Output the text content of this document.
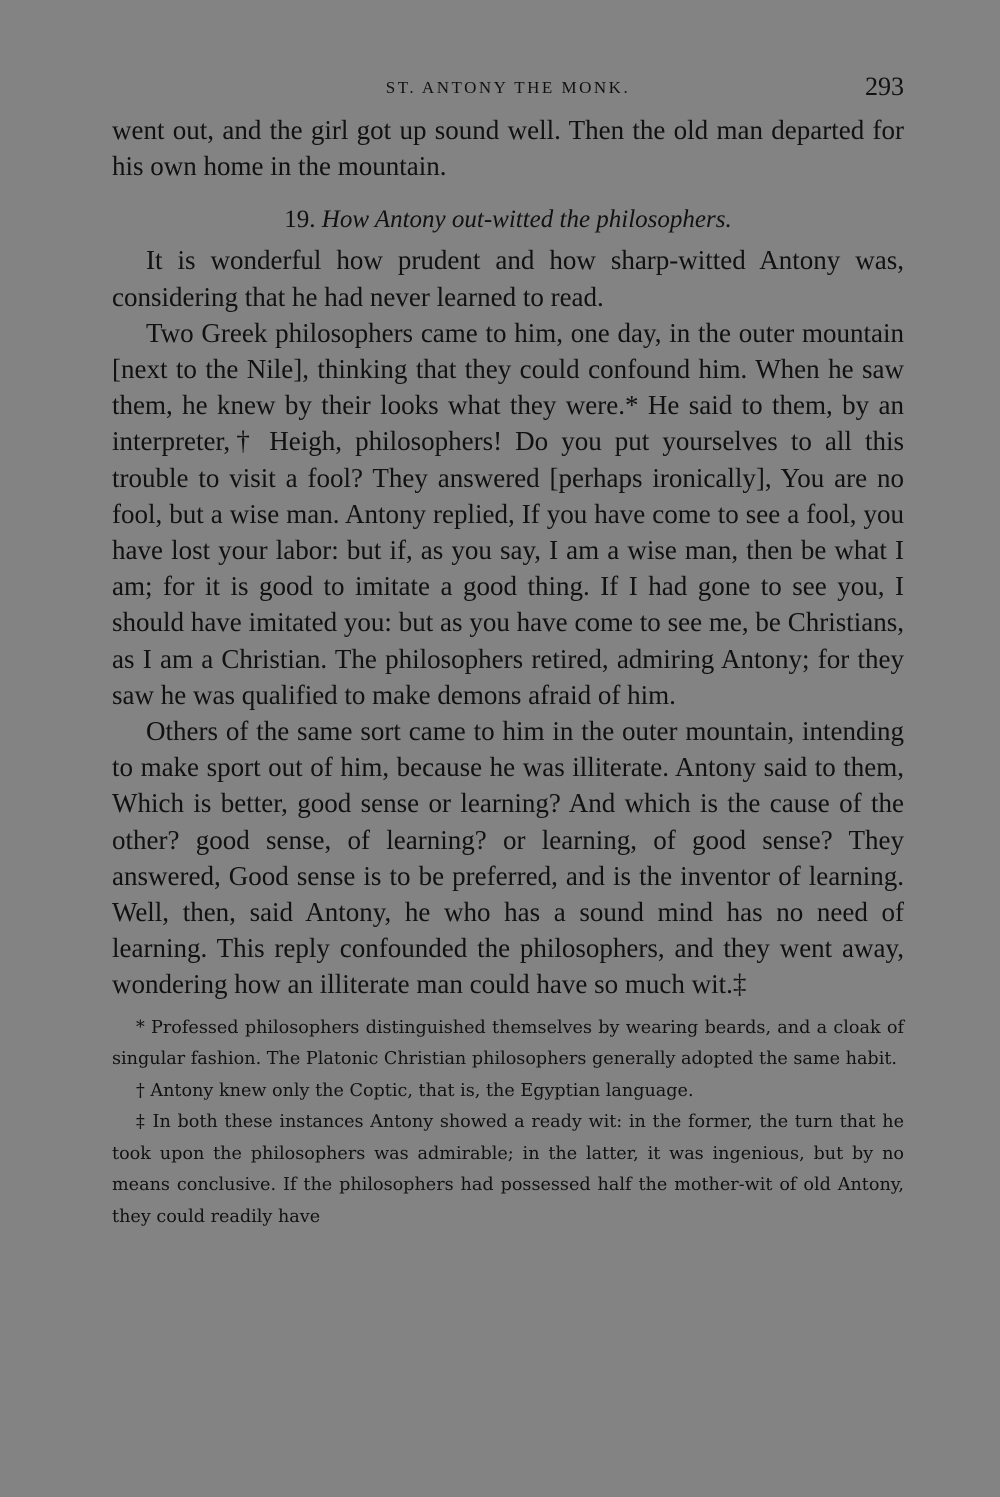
ST. ANTONY THE MONK.	293

went out, and the girl got up sound well. Then the old man departed for his own home in the mountain.

19. How Antony out-witted the philosophers.

It is wonderful how prudent and how sharp-witted Antony was, considering that he had never learned to read.

Two Greek philosophers came to him, one day, in the outer mountain [next to the Nile], thinking that they could confound him. When he saw them, he knew by their looks what they were.* He said to them, by an interpreter,† Heigh, philosophers! Do you put yourselves to all this trouble to visit a fool? They answered [perhaps ironically], You are no fool, but a wise man. Antony replied, If you have come to see a fool, you have lost your labor: but if, as you say, I am a wise man, then be what I am; for it is good to imitate a good thing. If I had gone to see you, I should have imitated you: but as you have come to see me, be Christians, as I am a Christian. The philosophers retired, admiring Antony; for they saw he was qualified to make demons afraid of him.

Others of the same sort came to him in the outer mountain, intending to make sport out of him, because he was illiterate. Antony said to them, Which is better, good sense or learning? And which is the cause of the other? good sense, of learning? or learning, of good sense? They answered, Good sense is to be preferred, and is the inventor of learning. Well, then, said Antony, he who has a sound mind has no need of learning. This reply confounded the philosophers, and they went away, wondering how an illiterate man could have so much wit.‡

* Professed philosophers distinguished themselves by wearing beards, and a cloak of singular fashion. The Platonic Christian philosophers generally adopted the same habit.

† Antony knew only the Coptic, that is, the Egyptian language.

‡ In both these instances Antony showed a ready wit: in the former, the turn that he took upon the philosophers was admirable; in the latter, it was ingenious, but by no means conclusive. If the philosophers had possessed half the mother-wit of old Antony, they could readily have
